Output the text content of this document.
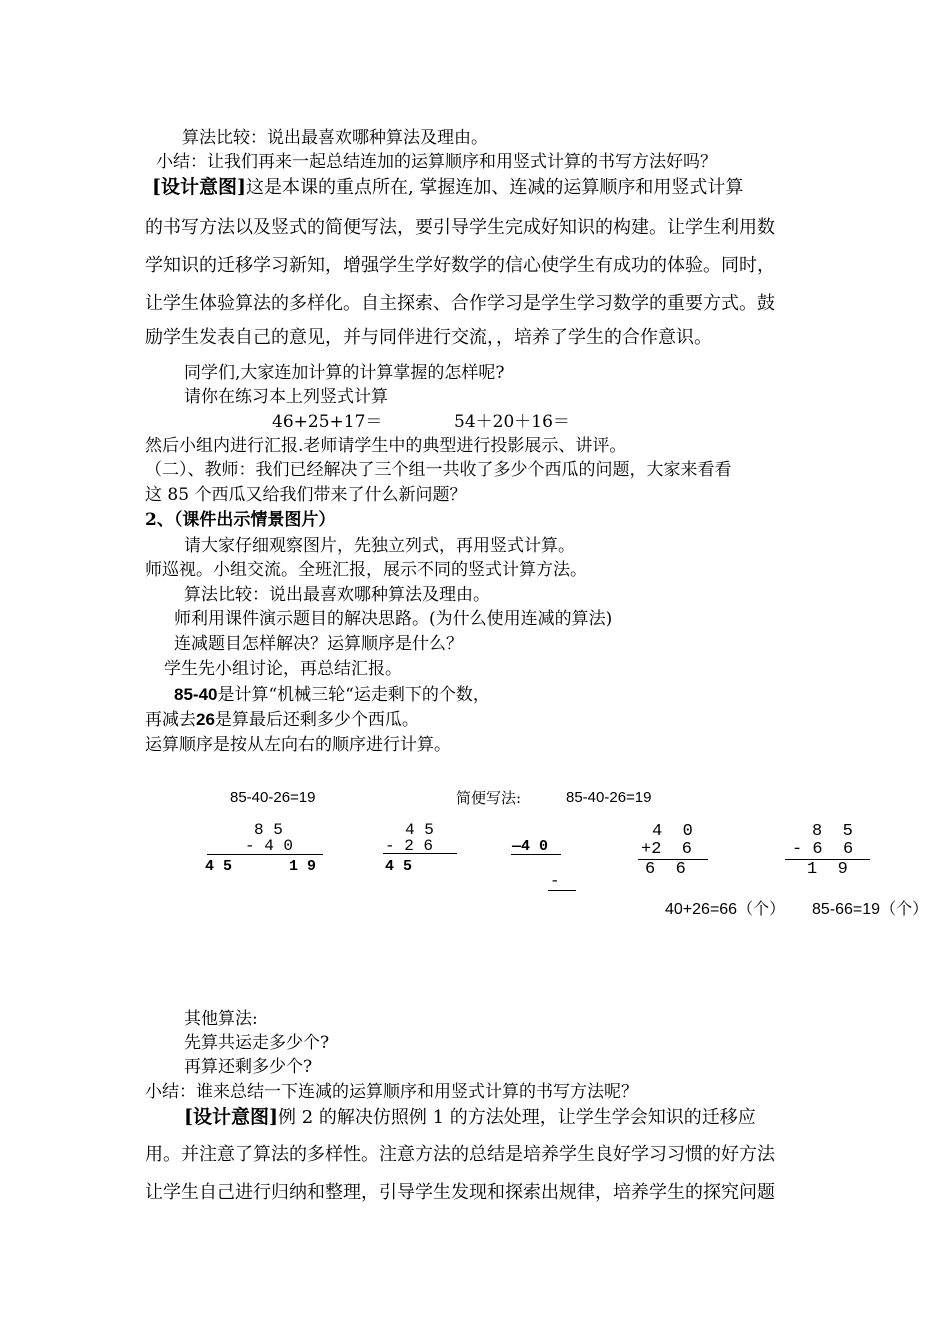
算法比较：说出最喜欢哪种算法及理由。
小结：让我们再来一起总结连加的运算顺序和用竖式计算的书写方法好吗？
[设计意图]这是本课的重点所在, 掌握连加、连减的运算顺序和用竖式计算
的书写方法以及竖式的简便写法，要引导学生完成好知识的构建。让学生利用数
学知识的迁移学习新知，增强学生学好数学的信心使学生有成功的体验。同时，
让学生体验算法的多样化。自主探索、合作学习是学生学习数学的重要方式。鼓
励学生发表自己的意见，并与同伴进行交流，，培养了学生的合作意识。
同学们,大家连加计算的计算掌握的怎样呢?
请你在练习本上列竖式计算
46+25+17＝	54＋20＋16＝
然后小组内进行汇报.老师请学生中的典型进行投影展示、讲评。
（二）、教师：我们已经解决了三个组一共收了多少个西瓜的问题，大家来看看
这 85 个西瓜又给我们带来了什么新问题？
2、（课件出示情景图片）
请大家仔细观察图片，先独立列式，再用竖式计算。
师巡视。小组交流。全班汇报，展示不同的竖式计算方法。
算法比较：说出最喜欢哪种算法及理由。
师利用课件演示题目的解决思路。(为什么使用连减的算法)
连减题目怎样解决？运算顺序是什么？
学生先小组讨论，再总结汇报。
85-40是计算“机械三轮“运走剩下的个数，
再减去26是算最后还剩多少个西瓜。
运算顺序是按从左向右的顺序进行计算。
85-40-26=19	简便写法:	85-40-26=19
8 5
- 4 0
4 5	1 9
4 5
- 2 6
4 5
—4 0
-
4  0
+2  6
6  6
8  5
- 6  6
1  9
40+26=66（个） 85-66=19（个）
其他算法:
先算共运走多少个?
再算还剩多少个?
小结：谁来总结一下连减的运算顺序和用竖式计算的书写方法呢？
[设计意图]例 2 的解决仿照例 1 的方法处理，让学生学会知识的迁移应
用。并注意了算法的多样性。注意方法的总结是培养学生良好学习习惯的好方法
让学生自己进行归纳和整理，引导学生发现和探索出规律，培养学生的探究问题
